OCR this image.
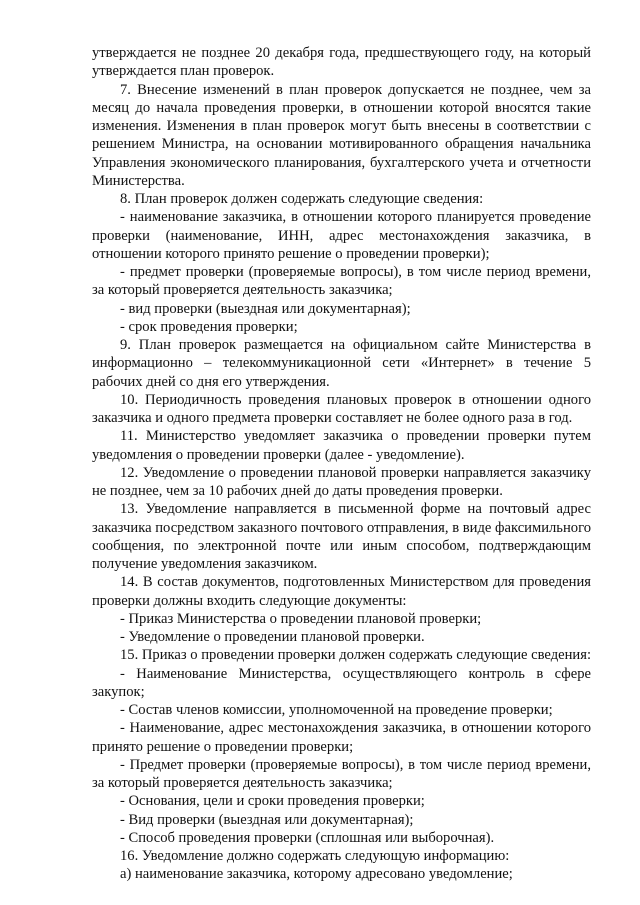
утверждается не позднее 20 декабря года, предшествующего году, на который утверждается план проверок.

7. Внесение изменений в план проверок допускается не позднее, чем за месяц до начала проведения проверки, в отношении которой вносятся такие изменения. Изменения в план проверок могут быть внесены в соответствии с решением Министра, на основании мотивированного обращения начальника Управления экономического планирования, бухгалтерского учета и отчетности Министерства.

8. План проверок должен содержать следующие сведения:

- наименование заказчика, в отношении которого планируется проведение проверки (наименование, ИНН, адрес местонахождения заказчика, в отношении которого принято решение о проведении проверки);

- предмет проверки (проверяемые вопросы), в том числе период времени, за который проверяется деятельность заказчика;

- вид проверки (выездная или документарная);

- срок проведения проверки;

9. План проверок размещается на официальном сайте Министерства в информационно – телекоммуникационной сети «Интернет» в течение 5 рабочих дней со дня его утверждения.

10. Периодичность проведения плановых проверок в отношении одного заказчика и одного предмета проверки составляет не более одного раза в год.

11. Министерство уведомляет заказчика о проведении проверки путем уведомления о проведении проверки (далее - уведомление).

12. Уведомление о проведении плановой проверки направляется заказчику не позднее, чем за 10 рабочих дней до даты проведения проверки.

13. Уведомление направляется в письменной форме на почтовый адрес заказчика посредством заказного почтового отправления, в виде факсимильного сообщения, по электронной почте или иным способом, подтверждающим получение уведомления заказчиком.

14. В состав документов, подготовленных Министерством для проведения проверки должны входить следующие документы:

- Приказ Министерства о проведении плановой проверки;

- Уведомление о проведении плановой проверки.

15. Приказ о проведении проверки должен содержать следующие сведения:

- Наименование Министерства, осуществляющего контроль в сфере закупок;

- Состав членов комиссии, уполномоченной на проведение проверки;

- Наименование, адрес местонахождения заказчика, в отношении которого принято решение о проведении проверки;

- Предмет проверки (проверяемые вопросы), в том числе период времени, за который проверяется деятельность заказчика;

- Основания, цели и сроки проведения проверки;

- Вид проверки (выездная или документарная);

- Способ проведения проверки (сплошная или выборочная).

16. Уведомление должно содержать следующую информацию:

а) наименование заказчика, которому адресовано уведомление;
